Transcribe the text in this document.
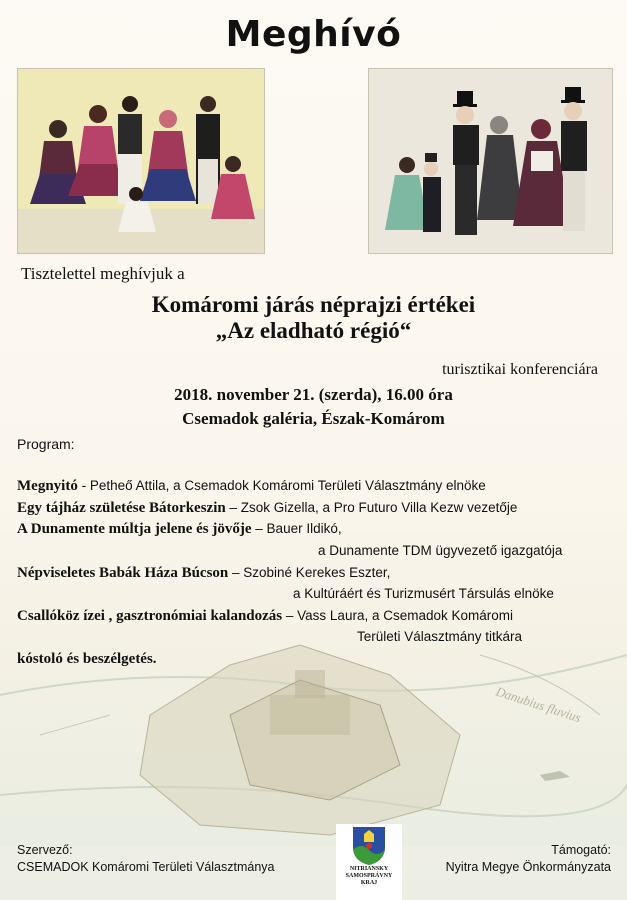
Danubius fluvius
Meghívó
Tisztelettel meghívjuk a
Komáromi járás néprajzi értékei
„Az eladható régió“
turisztikai konferenciára
2018. november 21. (szerda), 16.00 óra
Csemadok galéria, Észak-Komárom
Program:
Megnyitó - Petheő Attila, a Csemadok Komáromi Területi Választmány elnöke
Egy tájház születése Bátorkeszin – Zsok Gizella, a Pro Futuro Villa Kezw vezetője
A Dunamente múltja jelene és jövője – Bauer Ildikó,
a Dunamente TDM ügyvezető igazgatója
Népviseletes Babák Háza Búcson – Szobiné Kerekes Eszter,
a Kultúráért és Turizmusért Társulás elnöke
Csallóköz ízei , gasztronómiai kalandozás – Vass Laura, a Csemadok Komáromi
Területi Választmány titkára
kóstoló és beszélgetés.
Szervező:
CSEMADOK Komáromi Területi Választmánya	NITRIANSKY
SAMOSPRÁVNY
KRAJ
Támogató:
Nyitra Megye Önkormányzata
